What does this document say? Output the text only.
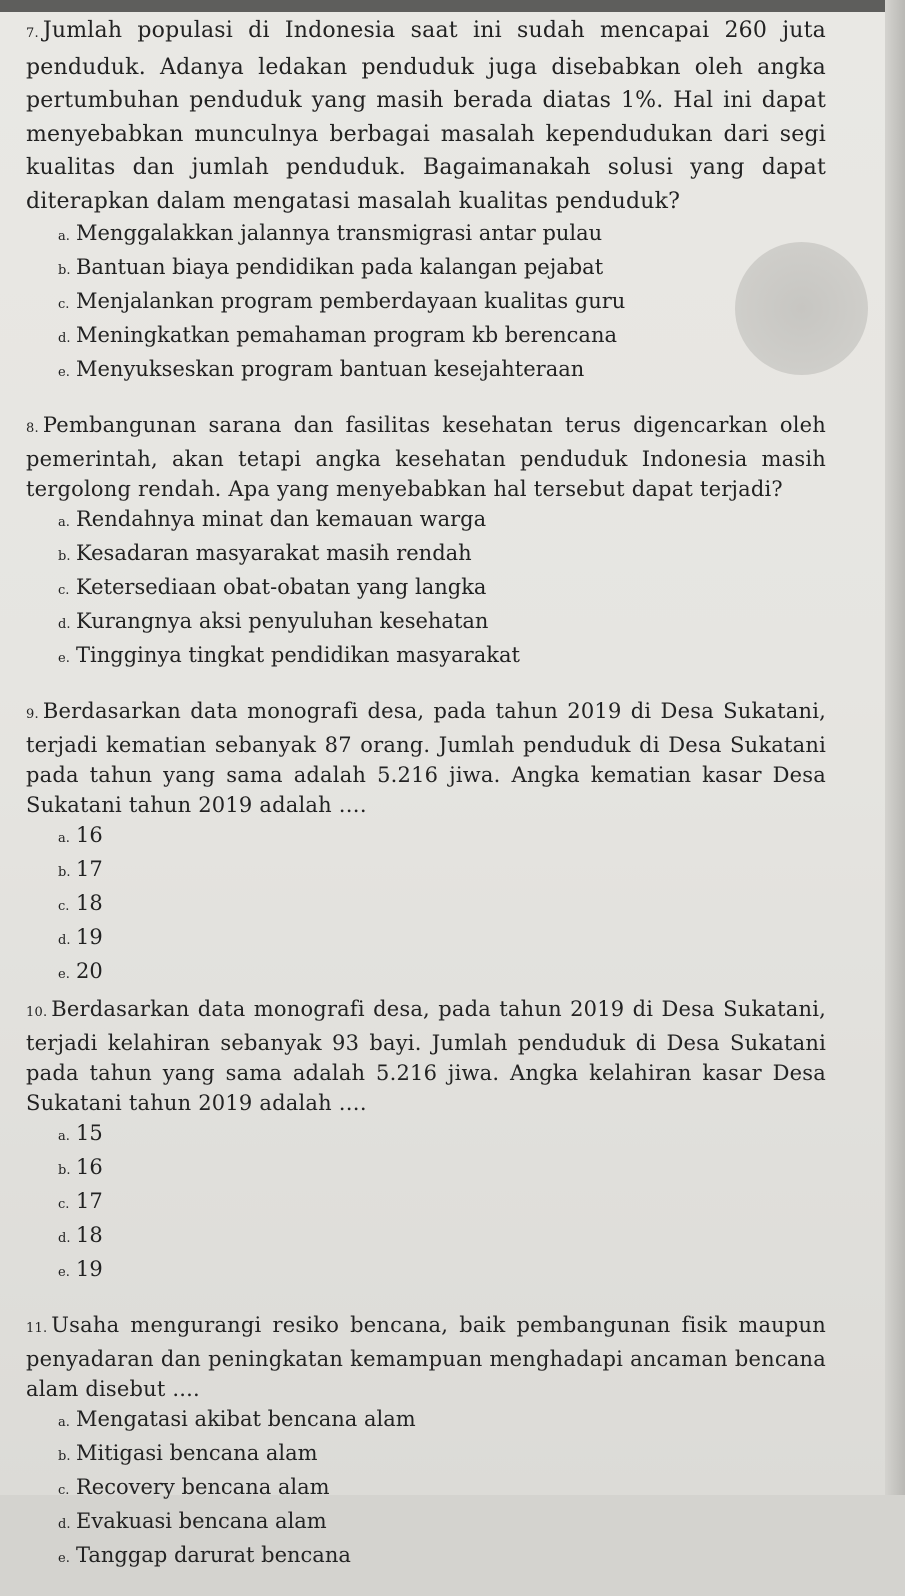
7. Jumlah populasi di Indonesia saat ini sudah mencapai 260 juta penduduk. Adanya ledakan penduduk juga disebabkan oleh angka pertumbuhan penduduk yang masih berada diatas 1%. Hal ini dapat menyebabkan munculnya berbagai masalah kependudukan dari segi kualitas dan jumlah penduduk. Bagaimanakah solusi yang dapat diterapkan dalam mengatasi masalah kualitas penduduk?
a. Menggalakkan jalannya transmigrasi antar pulau
b. Bantuan biaya pendidikan pada kalangan pejabat
c. Menjalankan program pemberdayaan kualitas guru
d. Meningkatkan pemahaman program kb berencana
e. Menyukseskan program bantuan kesejahteraan
8. Pembangunan sarana dan fasilitas kesehatan terus digencarkan oleh pemerintah, akan tetapi angka kesehatan penduduk Indonesia masih tergolong rendah. Apa yang menyebabkan hal tersebut dapat terjadi?
a. Rendahnya minat dan kemauan warga
b. Kesadaran masyarakat masih rendah
c. Ketersediaan obat-obatan yang langka
d. Kurangnya aksi penyuluhan kesehatan
e. Tingginya tingkat pendidikan masyarakat
9. Berdasarkan data monografi desa, pada tahun 2019 di Desa Sukatani, terjadi kematian sebanyak 87 orang. Jumlah penduduk di Desa Sukatani pada tahun yang sama adalah 5.216 jiwa. Angka kematian kasar Desa Sukatani tahun 2019 adalah ….
a. 16
b. 17
c. 18
d. 19
e. 20
10. Berdasarkan data monografi desa, pada tahun 2019 di Desa Sukatani, terjadi kelahiran sebanyak 93 bayi. Jumlah penduduk di Desa Sukatani pada tahun yang sama adalah 5.216 jiwa. Angka kelahiran kasar Desa Sukatani tahun 2019 adalah ….
a. 15
b. 16
c. 17
d. 18
e. 19
11. Usaha mengurangi resiko bencana, baik pembangunan fisik maupun penyadaran dan peningkatan kemampuan menghadapi ancaman bencana alam disebut ....
a. Mengatasi akibat bencana alam
b. Mitigasi bencana alam
c. Recovery bencana alam
d. Evakuasi bencana alam
e. Tanggap darurat bencana
